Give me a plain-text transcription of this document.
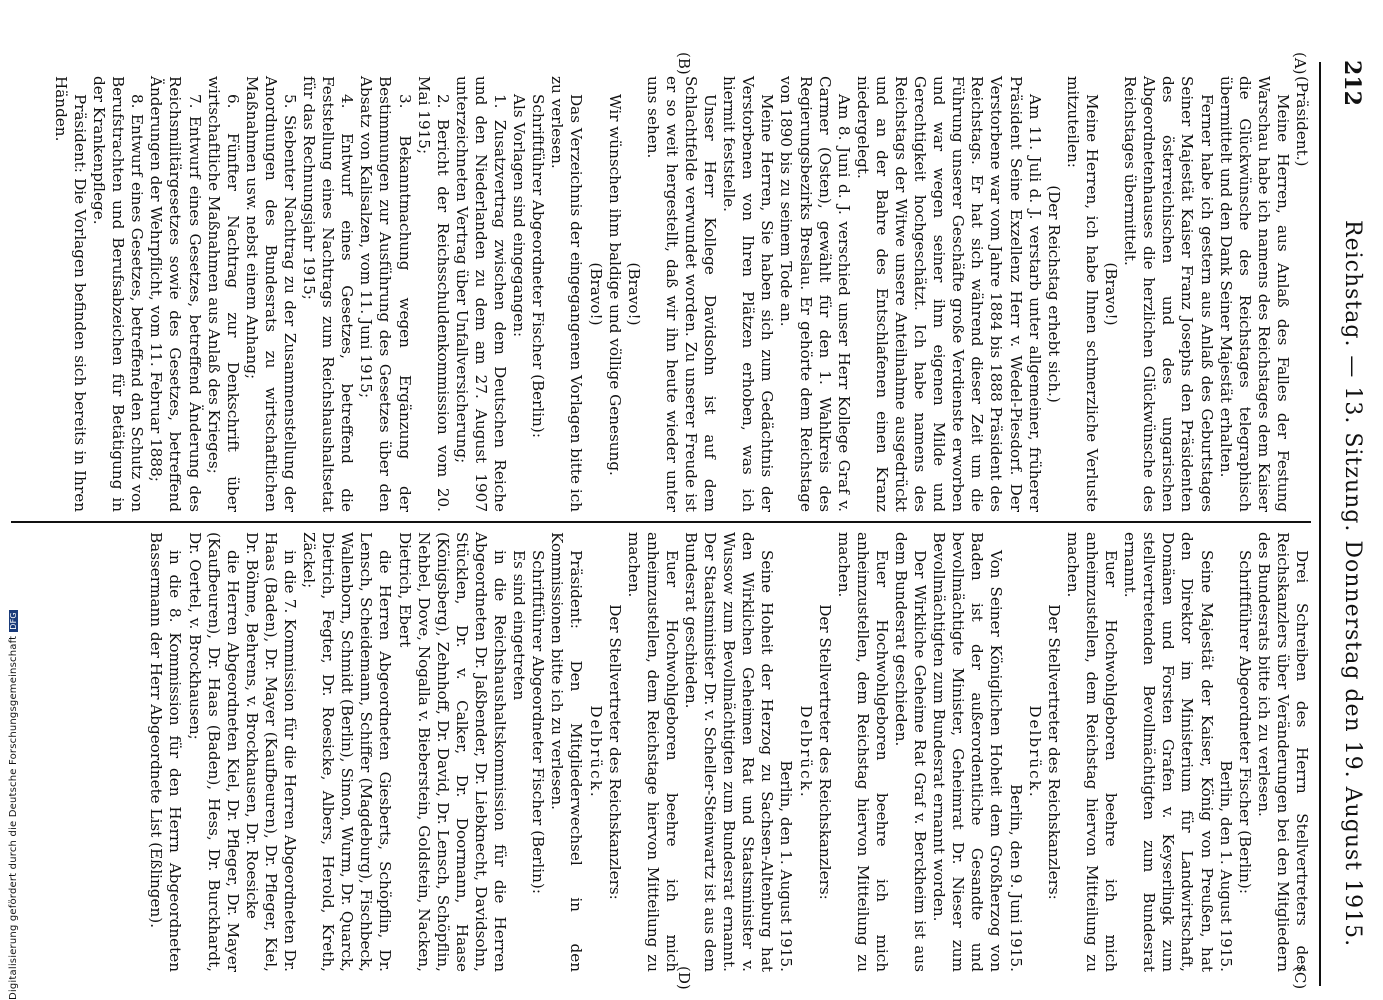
212
Reichstag. — 13. Sitzung. Donnerstag den 19. August 1915.
(A)
(B)
(C)
(D)

(Präsident.)

Meine Herren, aus Anlaß des Falles der Festung Warschau habe ich namens des Reichstages dem Kaiser die Glückwünsche des Reichstages telegraphisch übermittelt und den Dank Seiner Majestät erhalten.

Ferner habe ich gestern aus Anlaß des Geburtstages Seiner Majestät Kaiser Franz Josephs den Präsidenten des österreichischen und des ungarischen Abgeordnetenhauses die herzlichen Glückwünsche des Reichstages übermittelt.

(Bravo!)

Meine Herren, ich habe Ihnen schmerzliche Verluste mitzuteilen:

(Der Reichstag erhebt sich.)

Am 11. Juli d. J. verstarb unter allgemeiner, früherer Präsident Seine Exzellenz Herr v. Wedel-Piesdorf. Der Verstorbene war vom Jahre 1884 bis 1888 Präsident des Reichstags. Er hat sich während dieser Zeit um die Führung unserer Geschäfte große Verdienste erworben und war wegen seiner ihm eigenen Milde und Gerechtigkeit hochgeschätzt. Ich habe namens des Reichstags der Witwe unsere Anteilnahme ausgedrückt und an der Bahre des Entschlafenen einen Kranz niedergelegt.

Am 8. Juni d. J. verschied unser Herr Kollege Graf v. Carmer (Osten), gewählt für den 1. Wahlkreis des Regierungsbezirks Breslau. Er gehörte dem Reichstage von 1890 bis zu seinem Tode an.

Meine Herren, Sie haben sich zum Gedächtnis der Verstorbenen von Ihren Plätzen erhoben, was ich hiermit feststelle.

Unser Herr Kollege Davidsohn ist auf dem Schlachtfelde verwundet worden. Zu unserer Freude ist er so weit hergestellt, daß wir ihn heute wieder unter uns sehen.

(Bravo!)

Wir wünschen ihm baldige und völlige Genesung.

(Bravo!)

Das Verzeichnis der eingegangenen Vorlagen bitte ich zu verlesen.

Schriftführer Abgeordneter Fischer (Berlin):

Als Vorlagen sind eingegangen:

1. Zusatzvertrag zwischen dem Deutschen Reiche und den Niederlanden zu dem am 27. August 1907 unterzeichneten Vertrag über Unfallversicherung;

2. Bericht der Reichsschuldenkommission vom 20. Mai 1915;

3. Bekanntmachung wegen Ergänzung der Bestimmungen zur Ausführung des Gesetzes über den Absatz von Kalisalzen, vom 11. Juni 1915;

4. Entwurf eines Gesetzes, betreffend die Feststellung eines Nachtrags zum Reichshaushaltsetat für das Rechnungsjahr 1915;

5. Siebenter Nachtrag zu der Zusammenstellung der Anordnungen des Bundesrats zu wirtschaftlichen Maßnahmen usw. nebst einem Anhang;

6. Fünfter Nachtrag zur Denkschrift über wirtschaftliche Maßnahmen aus Anlaß des Krieges;

7. Entwurf eines Gesetzes, betreffend Änderung des Reichsmilitärgesetzes sowie des Gesetzes, betreffend Änderungen der Wehrpflicht, vom 11. Februar 1888;

8. Entwurf eines Gesetzes, betreffend den Schutz von Berufstrachten und Berufsabzeichen für Betätigung in der Krankenpflege.

Präsident: Die Vorlagen befinden sich bereits in Ihren Händen.

Drei Schreiben des Herrn Stellvertreters des Reichskanzlers über Veränderungen bei den Mitgliedern des Bundesrats bitte ich zu verlesen.

Schriftführer Abgeordneter Fischer (Berlin):

Berlin, den 1. August 1915.

Seine Majestät der Kaiser, König von Preußen, hat den Direktor im Ministerium für Landwirtschaft, Domänen und Forsten Grafen v. Keyserlingk zum stellvertretenden Bevollmächtigten zum Bundesrat ernannt.

Euer Hochwohlgeboren beehre ich mich anheimzustellen, dem Reichstag hiervon Mitteilung zu machen.

Der Stellvertreter des Reichskanzlers:

Delbrück.

Berlin, den 9. Juni 1915.

Von Seiner Königlichen Hoheit dem Großherzog von Baden ist der außerordentliche Gesandte und bevollmächtigte Minister, Geheimrat Dr. Nieser zum Bevollmächtigten zum Bundesrat ernannt worden.

Der Wirkliche Geheime Rat Graf v. Berckheim ist aus dem Bundesrat geschieden.

Euer Hochwohlgeboren beehre ich mich anheimzustellen, dem Reichstag hiervon Mitteilung zu machen.

Der Stellvertreter des Reichskanzlers:

Delbrück.

Berlin, den 1. August 1915.

Seine Hoheit der Herzog zu Sachsen-Altenburg hat den Wirklichen Geheimen Rat und Staatsminister v. Wussow zum Bevollmächtigten zum Bundesrat ernannt. Der Staatsminister Dr. v. Scheller-Steinwartz ist aus dem Bundesrat geschieden.

Euer Hochwohlgeboren beehre ich mich anheimzustellen, dem Reichstage hiervon Mitteilung zu machen.

Der Stellvertreter des Reichskanzlers:

Delbrück.

Präsident: Den Mitgliederwechsel in den Kommissionen bitte ich zu verlesen.

Schriftführer Abgeordneter Fischer (Berlin):

Es sind eingetreten

in die Reichshaushaltskommission für die Herren Abgeordneten Dr. Jaßbender, Dr. Liebknecht, Davidsohn, Stücklen, Dr. v. Calker, Dr. Doormann, Haase (Königsberg), Zehnhoff, Dr. David, Dr. Lensch, Schöpflin, Nehbel, Dove, Nogalla v. Bieberstein, Goldstein, Nacken, Dietrich, Ebert

die Herren Abgeordneten Giesberts, Schöpflin, Dr. Lensch, Scheidemann, Schiffer (Magdeburg), Fischbeck, Wallenborn, Schmidt (Berlin), Simon, Wurm, Dr. Quarck, Dietrich, Fegter, Dr. Roesicke, Albers, Herold, Kreth, Zäckel;

in die 7. Kommission für die Herren Abgeordneten Dr. Haas (Baden), Dr. Mayer (Kaufbeuren), Dr. Pfleger, Kiel, Dr. Böhme, Behrens, v. Brockhausen, Dr. Roesicke

die Herren Abgeordneten Kiel, Dr. Pfleger, Dr. Mayer (Kaufbeuren), Dr. Haas (Baden), Hess, Dr. Burckhardt, Dr. Oertel, v. Brockhausen;

in die 8. Kommission für den Herrn Abgeordneten Bassermann der Herr Abgeordnete List (Eßlingen).

Digitalisierung gefördert durch die Deutsche ForschungsgemeinschaftDFG
